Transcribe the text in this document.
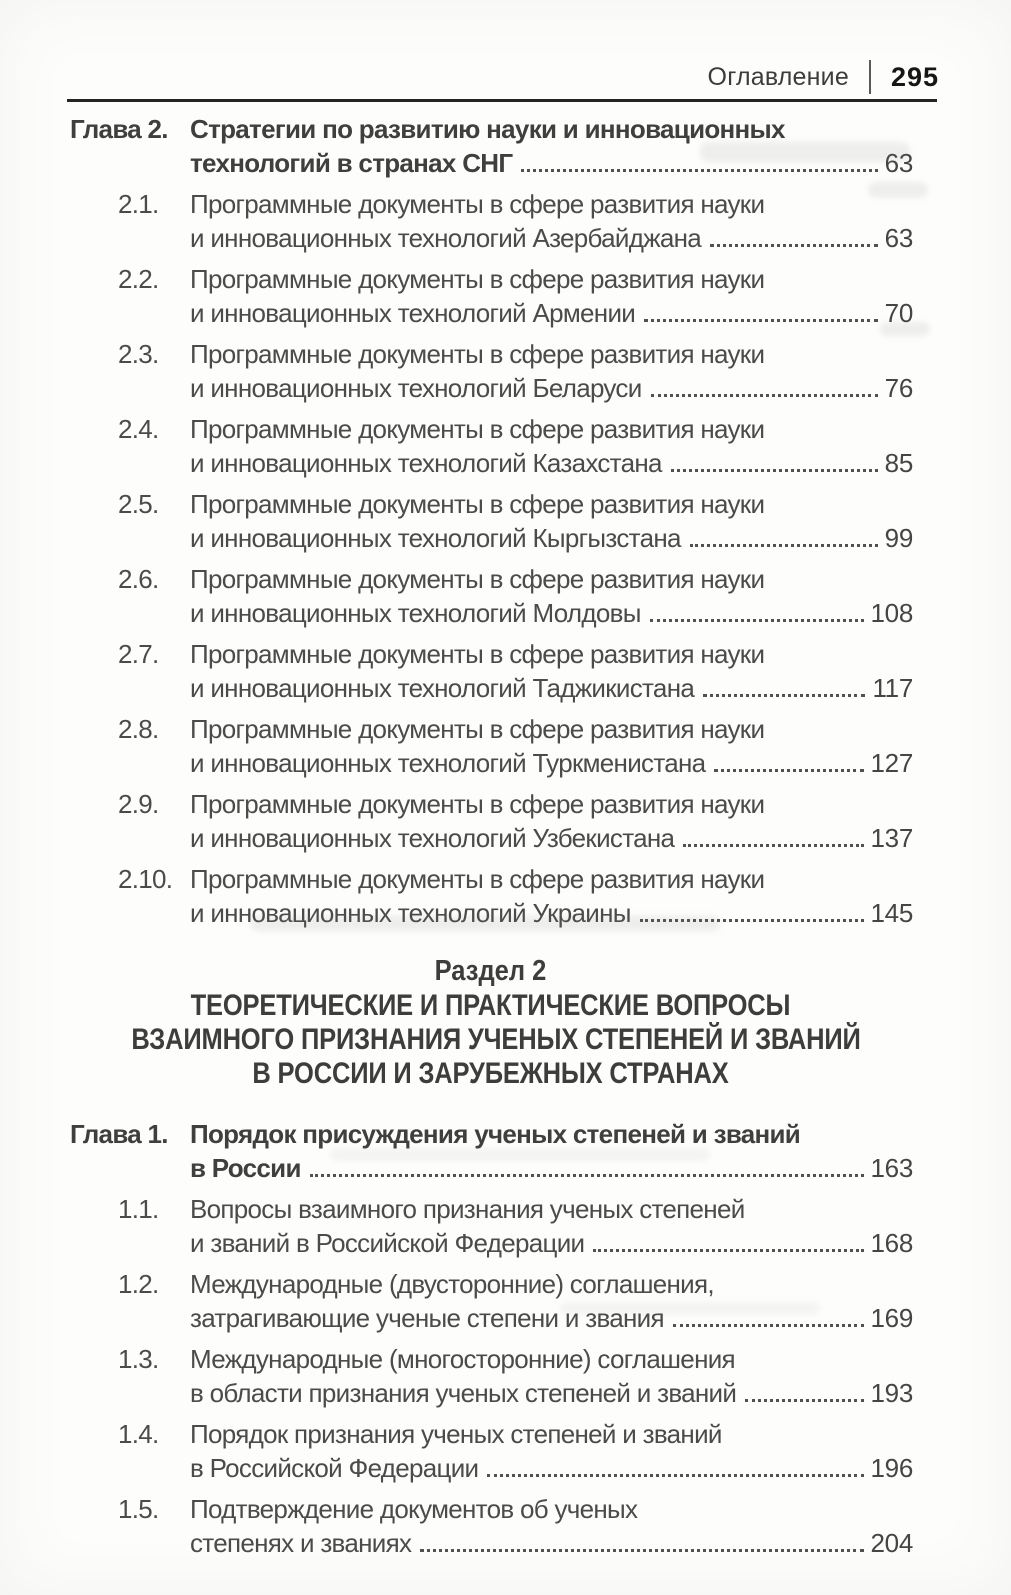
Оглавление 295
Глава 2. Стратегии по развитию науки и инновационных
технологий в странах СНГ	63
2.1. Программные документы в сфере развития науки
и инновационных технологий Азербайджана	63
2.2. Программные документы в сфере развития науки
и инновационных технологий Армении	70
2.3. Программные документы в сфере развития науки
и инновационных технологий Беларуси	76
2.4. Программные документы в сфере развития науки
и инновационных технологий Казахстана	85
2.5. Программные документы в сфере развития науки
и инновационных технологий Кыргызстана	99
2.6. Программные документы в сфере развития науки
и инновационных технологий Молдовы	108
2.7. Программные документы в сфере развития науки
и инновационных технологий Таджикистана	117
2.8. Программные документы в сфере развития науки
и инновационных технологий Туркменистана	127
2.9. Программные документы в сфере развития науки
и инновационных технологий Узбекистана	137
2.10. Программные документы в сфере развития науки
и инновационных технологий Украины	145
Раздел 2
ТЕОРЕТИЧЕСКИЕ И ПРАКТИЧЕСКИЕ ВОПРОСЫ
ВЗАИМНОГО ПРИЗНАНИЯ УЧЕНЫХ СТЕПЕНЕЙ И ЗВАНИЙ
В РОССИИ И ЗАРУБЕЖНЫХ СТРАНАХ
Глава 1. Порядок присуждения ученых степеней и званий
в России	163
1.1. Вопросы взаимного признания ученых степеней
и званий в Российской Федерации	168
1.2. Международные (двусторонние) соглашения,
затрагивающие ученые степени и звания	169
1.3. Международные (многосторонние) соглашения
в области признания ученых степеней и званий	193
1.4. Порядок признания ученых степеней и званий
в Российской Федерации	196
1.5. Подтверждение документов об ученых
степенях и званиях	204
